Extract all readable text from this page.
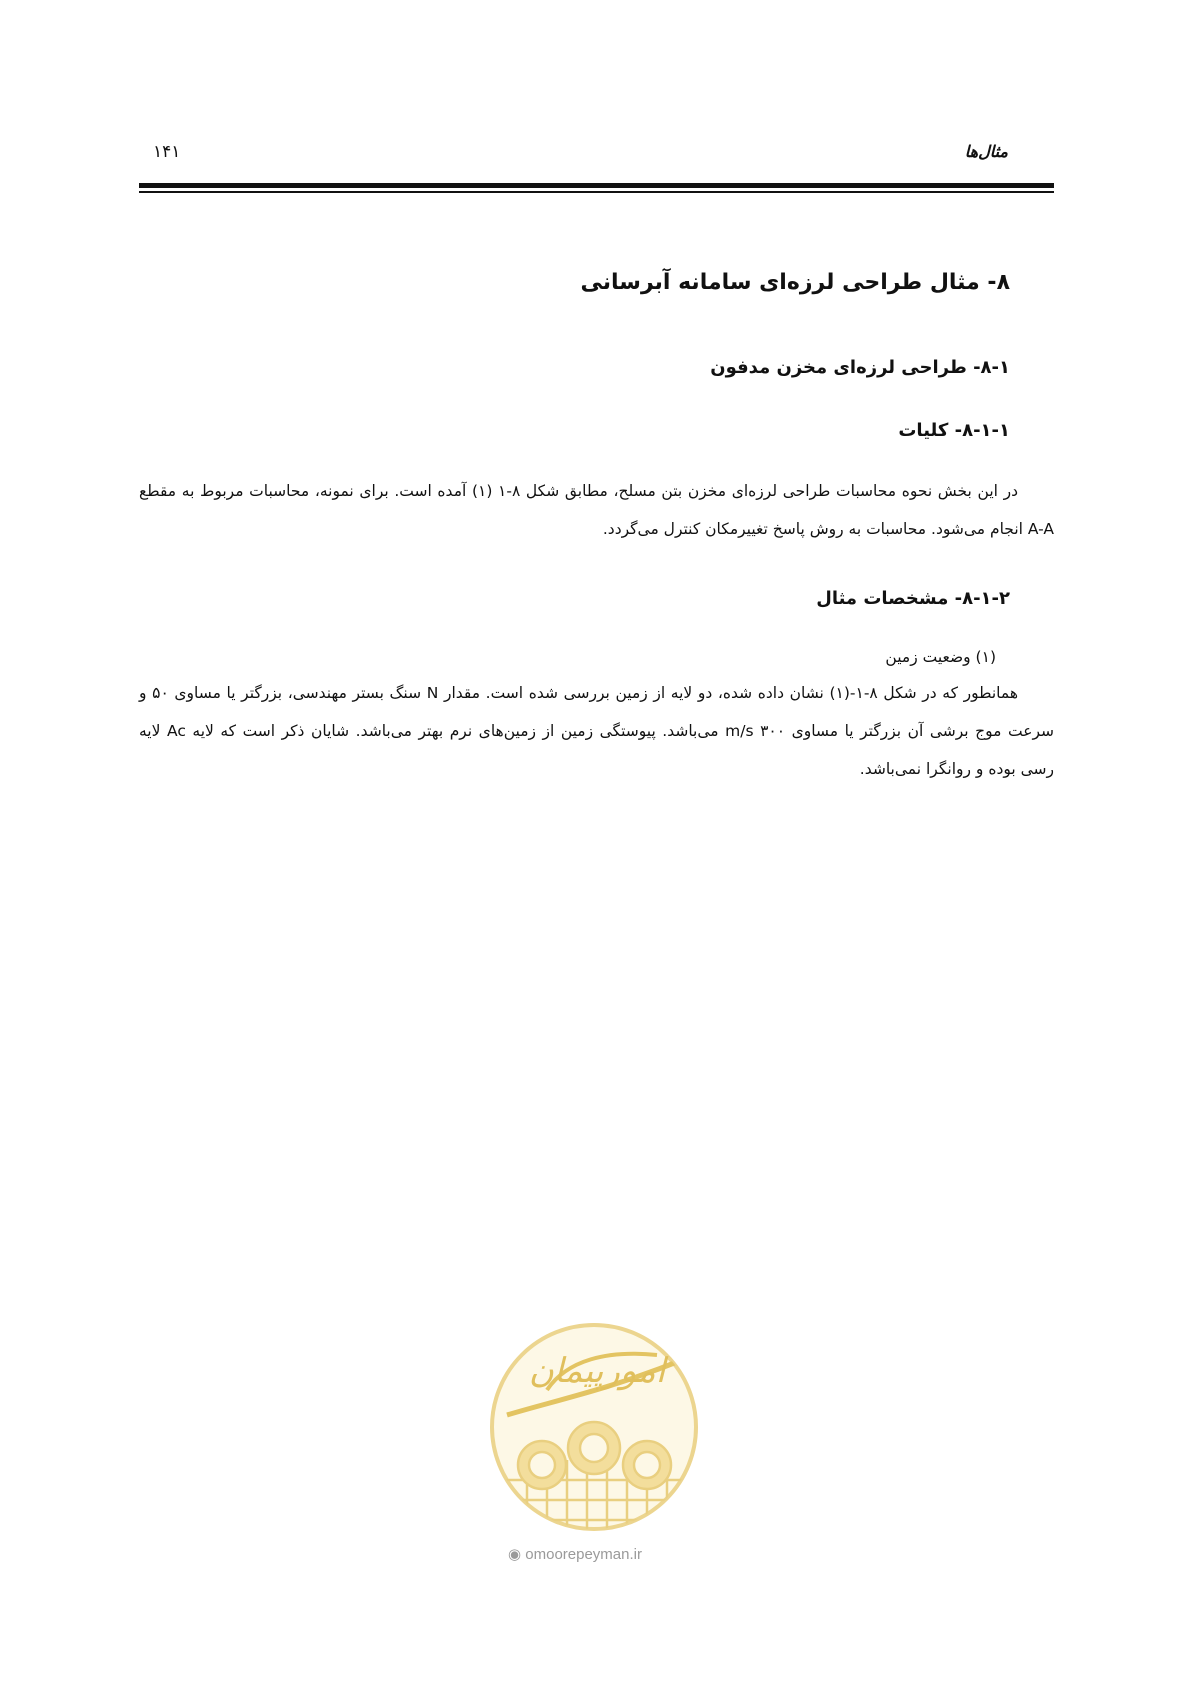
۱۴۱	مثال‌ها
۸- مثال طراحی لرزه‌ای سامانه آبرسانی
۸-۱- طراحی لرزه‌ای مخزن مدفون
۸-۱-۱- کلیات

در این بخش نحوه محاسبات طراحی لرزه‌ای مخزن بتن مسلح، مطابق شکل ۸-۱ (۱) آمده است. برای نمونه، محاسبات مربوط به مقطع A-A انجام می‌شود. محاسبات به روش پاسخ تغییرمکان کنترل می‌گردد.

۸-۱-۲- مشخصات مثال

(۱) وضعیت زمین

همانطور که در شکل ۸-۱-(۱) نشان داده شده، دو لایه از زمین بررسی شده است. مقدار N سنگ بستر مهندسی، بزرگتر یا مساوی ۵۰ و سرعت موج برشی آن بزرگتر یا مساوی ۳۰۰ m/s می‌باشد. پیوستگی زمین از زمین‌های نرم بهتر می‌باشد. شایان ذکر است که لایه Ac لایه رسی بوده و روانگرا نمی‌باشد.

امورپیمان
◉ omoorepeyman.ir
